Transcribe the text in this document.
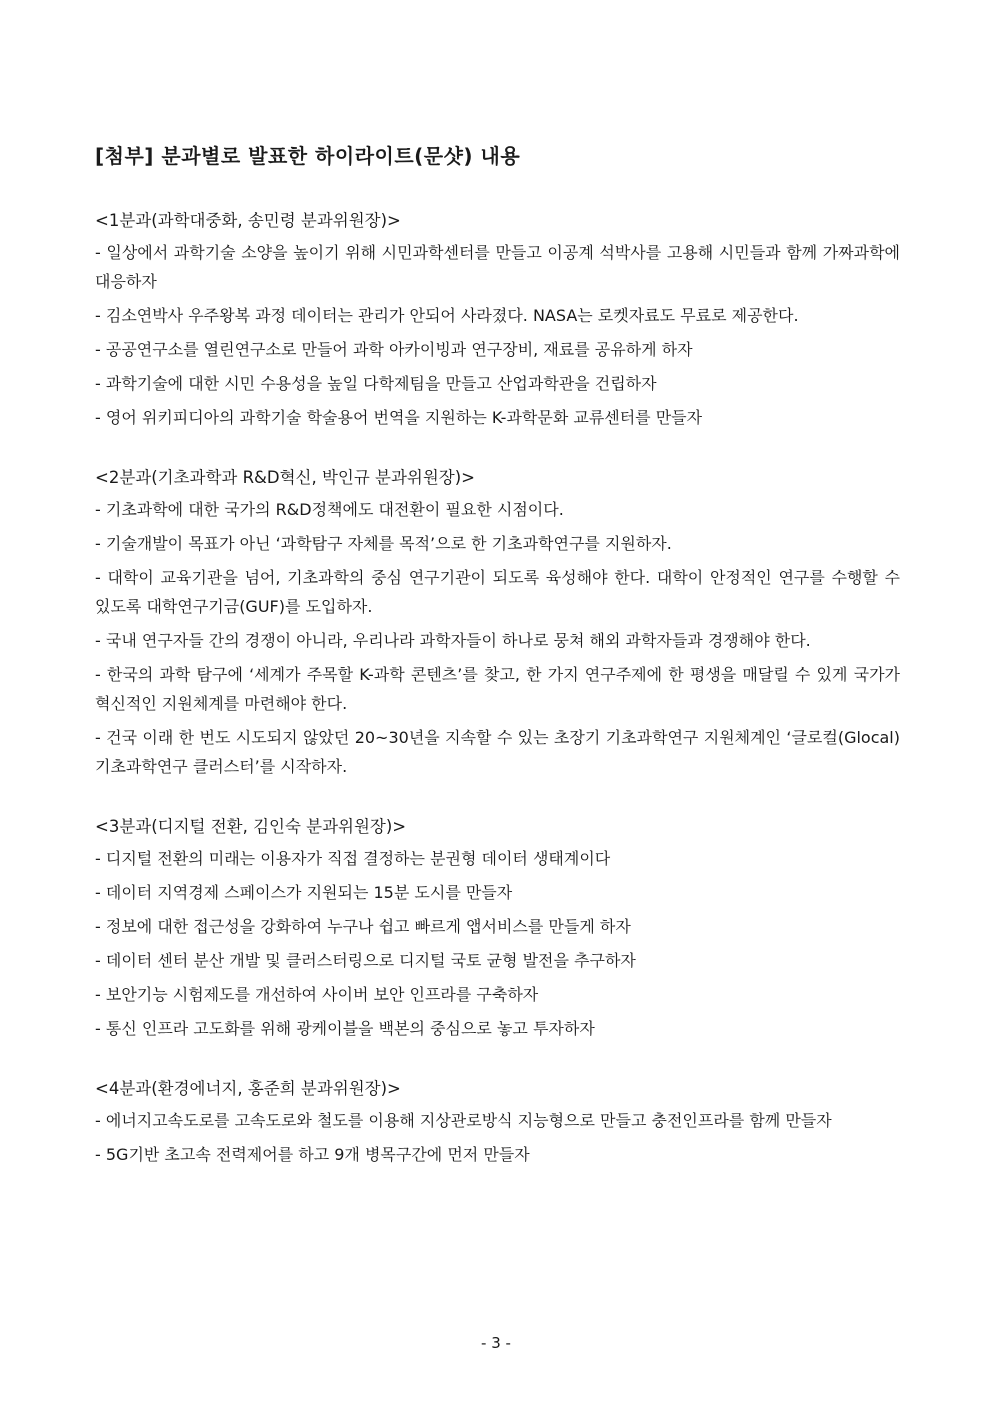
[첨부] 분과별로 발표한 하이라이트(문샷) 내용

<1분과(과학대중화, 송민령 분과위원장)>

- 일상에서 과학기술 소양을 높이기 위해 시민과학센터를 만들고 이공계 석박사를 고용해 시민들과 함께 가짜과학에 대응하자

- 김소연박사 우주왕복 과정 데이터는 관리가 안되어 사라졌다. NASA는 로켓자료도 무료로 제공한다.

- 공공연구소를 열린연구소로 만들어 과학 아카이빙과 연구장비, 재료를 공유하게 하자

- 과학기술에 대한 시민 수용성을 높일 다학제팀을 만들고 산업과학관을 건립하자

- 영어 위키피디아의 과학기술 학술용어 번역을 지원하는 K-과학문화 교류센터를 만들자

<2분과(기초과학과 R&D혁신, 박인규 분과위원장)>

- 기초과학에 대한 국가의 R&D정책에도 대전환이 필요한 시점이다.

- 기술개발이 목표가 아닌 ‘과학탐구 자체를 목적’으로 한 기초과학연구를 지원하자.

- 대학이 교육기관을 넘어, 기초과학의 중심 연구기관이 되도록 육성해야 한다. 대학이 안정적인 연구를 수행할 수 있도록 대학연구기금(GUF)를 도입하자.

- 국내 연구자들 간의 경쟁이 아니라, 우리나라 과학자들이 하나로 뭉쳐 해외 과학자들과 경쟁해야 한다.

- 한국의 과학 탐구에 ‘세계가 주목할 K-과학 콘텐츠’를 찾고, 한 가지 연구주제에 한 평생을 매달릴 수 있게 국가가 혁신적인 지원체계를 마련해야 한다.

- 건국 이래 한 번도 시도되지 않았던 20~30년을 지속할 수 있는 초장기 기초과학연구 지원체계인 ‘글로컬(Glocal) 기초과학연구 클러스터’를 시작하자.

<3분과(디지털 전환, 김인숙 분과위원장)>

- 디지털 전환의 미래는 이용자가 직접 결정하는 분권형 데이터 생태계이다

- 데이터 지역경제 스페이스가 지원되는 15분 도시를 만들자

- 정보에 대한 접근성을 강화하여 누구나 쉽고 빠르게 앱서비스를 만들게 하자

- 데이터 센터 분산 개발 및 클러스터링으로 디지털 국토 균형 발전을 추구하자

- 보안기능 시험제도를 개선하여 사이버 보안 인프라를 구축하자

- 통신 인프라 고도화를 위해 광케이블을 백본의 중심으로 놓고 투자하자

<4분과(환경에너지, 홍준희 분과위원장)>

- 에너지고속도로를 고속도로와 철도를 이용해 지상관로방식 지능형으로 만들고 충전인프라를 함께 만들자

- 5G기반 초고속 전력제어를 하고 9개 병목구간에 먼저 만들자

- 3 -
